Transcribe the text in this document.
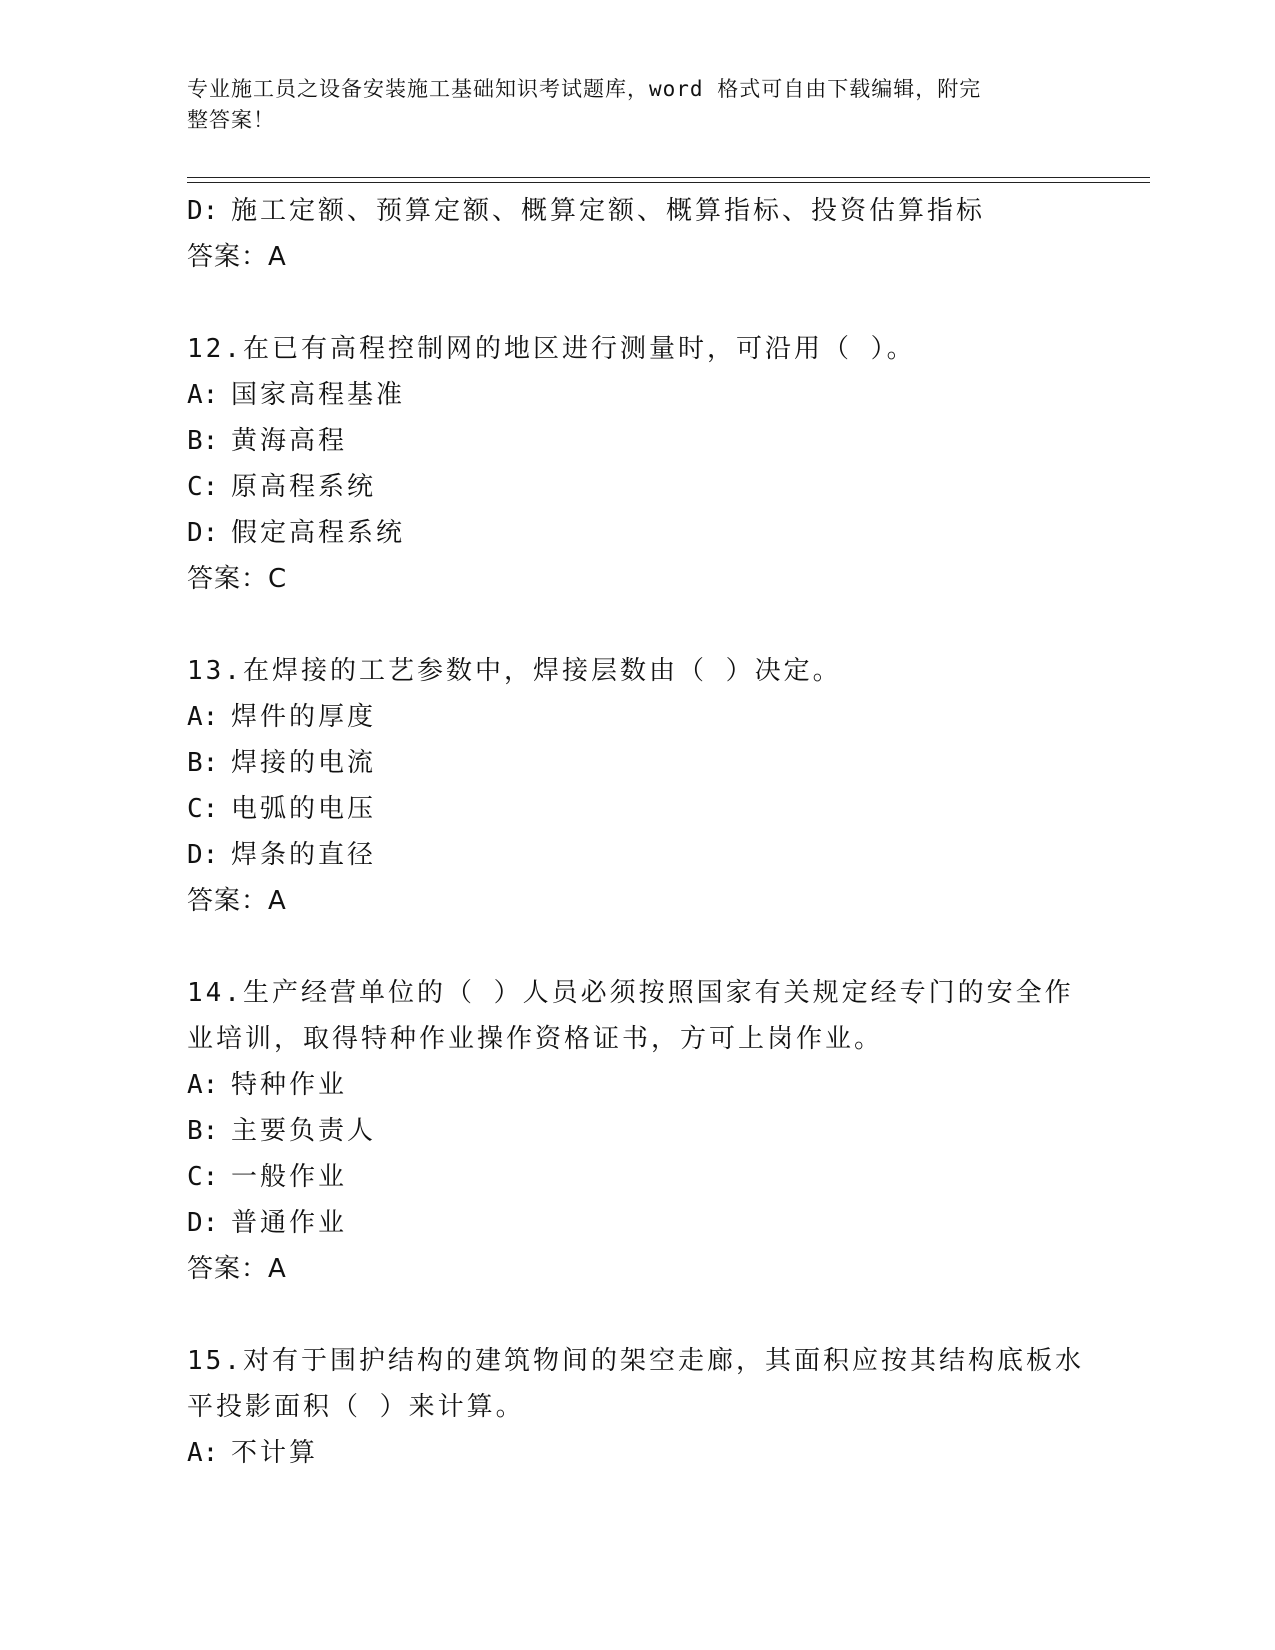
专业施工员之设备安装施工基础知识考试题库，word 格式可自由下载编辑，附完
整答案！
D: 施工定额、预算定额、概算定额、概算指标、投资估算指标
答案：A
12.在已有高程控制网的地区进行测量时，可沿用（ ）。
A: 国家高程基准
B: 黄海高程
C: 原高程系统
D: 假定高程系统
答案：C
13.在焊接的工艺参数中，焊接层数由（ ）决定。
A: 焊件的厚度
B: 焊接的电流
C: 电弧的电压
D: 焊条的直径
答案：A
14.生产经营单位的（ ）人员必须按照国家有关规定经专门的安全作
业培训，取得特种作业操作资格证书，方可上岗作业。
A: 特种作业
B: 主要负责人
C: 一般作业
D: 普通作业
答案：A
15.对有于围护结构的建筑物间的架空走廊，其面积应按其结构底板水
平投影面积（ ）来计算。
A: 不计算
